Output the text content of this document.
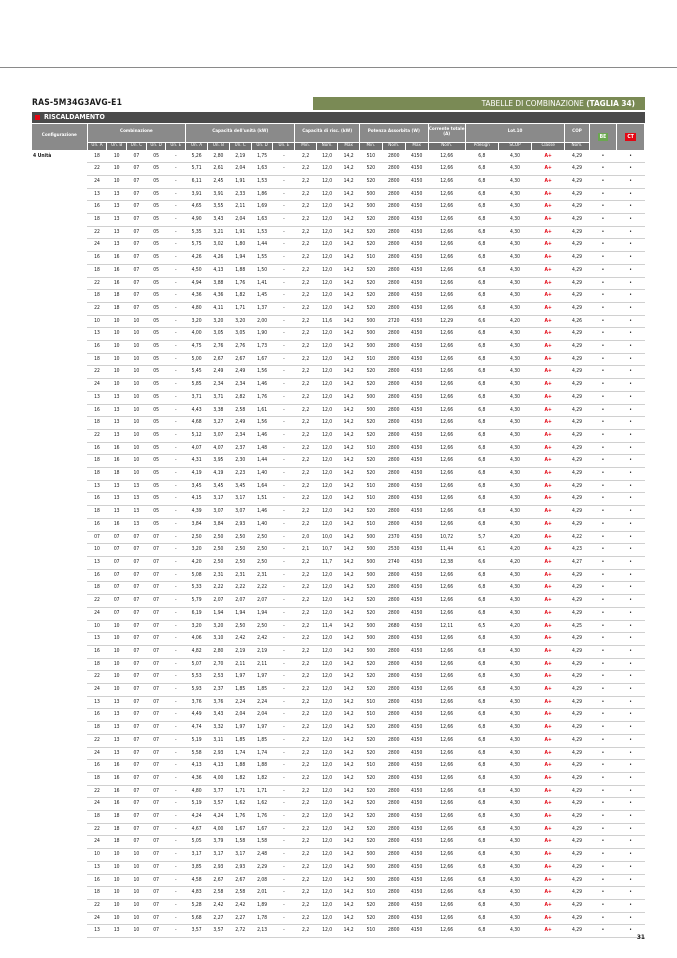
RAS-5M34G3AVG-E1	TABELLE DI COMBINAZIONE (TAGLIA 34)
RISCALDAMENTO
Configurazione	Combinazione					Capacità dell'unità (kW)					Capacità di risc. (kW)			Potenza Assorbita (W)			Corrente totale (A)	Lot.10			COP	BE	CT
	Un. A	Un. B	Un. C	Un. D	Un. E	Un. A	Un. B	Un. C	Un. D	Un. E	Min.	Nom.	Max	Min.	Nom.	Max	Nom.	Pdesign	SCOP	Classe	Nom.		
4 Unità	18	10	07	05	-	5,26	2,80	2,19	1,75	-	2,2	12,0	14,2	510	2800	4150	12,66	6,8	4,30	A+	4,29	•	•
	22	10	07	05	-	5,71	2,61	2,04	1,63	-	2,2	12,0	14,2	520	2800	4150	12,66	6,8	4,30	A+	4,29	•	•
	24	10	07	05	-	6,11	2,45	1,91	1,53	-	2,2	12,0	14,2	520	2800	4150	12,66	6,8	4,30	A+	4,29	•	•
	13	13	07	05	-	3,91	3,91	2,33	1,86	-	2,2	12,0	14,2	500	2800	4150	12,66	6,8	4,30	A+	4,29	•	•
	16	13	07	05	-	4,65	3,55	2,11	1,69	-	2,2	12,0	14,2	500	2800	4150	12,66	6,8	4,30	A+	4,29	•	•
	18	13	07	05	-	4,90	3,43	2,04	1,63	-	2,2	12,0	14,2	520	2800	4150	12,66	6,8	4,30	A+	4,29	•	•
	22	13	07	05	-	5,35	3,21	1,91	1,53	-	2,2	12,0	14,2	520	2800	4150	12,66	6,8	4,30	A+	4,29	•	•
	24	13	07	05	-	5,75	3,02	1,80	1,44	-	2,2	12,0	14,2	520	2800	4150	12,66	6,8	4,30	A+	4,29	•	•
	16	16	07	05	-	4,26	4,26	1,94	1,55	-	2,2	12,0	14,2	510	2800	4150	12,66	6,8	4,30	A+	4,29	•	•
	18	16	07	05	-	4,50	4,13	1,88	1,50	-	2,2	12,0	14,2	520	2800	4150	12,66	6,8	4,30	A+	4,29	•	•
	22	16	07	05	-	4,94	3,88	1,76	1,41	-	2,2	12,0	14,2	520	2800	4150	12,66	6,8	4,30	A+	4,29	•	•
	18	18	07	05	-	4,36	4,36	1,82	1,45	-	2,2	12,0	14,2	520	2800	4150	12,66	6,8	4,30	A+	4,29	•	•
	22	18	07	05	-	4,80	4,11	1,71	1,37	-	2,2	12,0	14,2	520	2800	4150	12,66	6,8	4,30	A+	4,29	•	•
	10	10	10	05	-	3,20	3,20	3,20	2,00	-	2,2	11,6	14,2	500	2720	4150	12,29	6,6	4,20	A+	4,26	•	•
	13	10	10	05	-	4,00	3,05	3,05	1,90	-	2,2	12,0	14,2	500	2800	4150	12,66	6,8	4,30	A+	4,29	•	•
	16	10	10	05	-	4,75	2,76	2,76	1,73	-	2,2	12,0	14,2	500	2800	4150	12,66	6,8	4,30	A+	4,29	•	•
	18	10	10	05	-	5,00	2,67	2,67	1,67	-	2,2	12,0	14,2	510	2800	4150	12,66	6,8	4,30	A+	4,29	•	•
	22	10	10	05	-	5,45	2,49	2,49	1,56	-	2,2	12,0	14,2	520	2800	4150	12,66	6,8	4,30	A+	4,29	•	•
	24	10	10	05	-	5,85	2,34	2,34	1,46	-	2,2	12,0	14,2	520	2800	4150	12,66	6,8	4,30	A+	4,29	•	•
	13	13	10	05	-	3,71	3,71	2,82	1,76	-	2,2	12,0	14,2	500	2800	4150	12,66	6,8	4,30	A+	4,29	•	•
	16	13	10	05	-	4,43	3,38	2,58	1,61	-	2,2	12,0	14,2	500	2800	4150	12,66	6,8	4,30	A+	4,29	•	•
	18	13	10	05	-	4,68	3,27	2,49	1,56	-	2,2	12,0	14,2	520	2800	4150	12,66	6,8	4,30	A+	4,29	•	•
	22	13	10	05	-	5,12	3,07	2,34	1,46	-	2,2	12,0	14,2	520	2800	4150	12,66	6,8	4,30	A+	4,29	•	•
	16	16	10	05	-	4,07	4,07	2,37	1,48	-	2,2	12,0	14,2	510	2800	4150	12,66	6,8	4,30	A+	4,29	•	•
	18	16	10	05	-	4,31	3,95	2,30	1,44	-	2,2	12,0	14,2	520	2800	4150	12,66	6,8	4,30	A+	4,29	•	•
	18	18	10	05	-	4,19	4,19	2,23	1,40	-	2,2	12,0	14,2	520	2800	4150	12,66	6,8	4,30	A+	4,29	•	•
	13	13	13	05	-	3,45	3,45	3,45	1,64	-	2,2	12,0	14,2	510	2800	4150	12,66	6,8	4,30	A+	4,29	•	•
	16	13	13	05	-	4,15	3,17	3,17	1,51	-	2,2	12,0	14,2	510	2800	4150	12,66	6,8	4,30	A+	4,29	•	•
	18	13	13	05	-	4,39	3,07	3,07	1,46	-	2,2	12,0	14,2	520	2800	4150	12,66	6,8	4,30	A+	4,29	•	•
	16	16	13	05	-	3,84	3,84	2,93	1,40	-	2,2	12,0	14,2	510	2800	4150	12,66	6,8	4,30	A+	4,29	•	•
	07	07	07	07	-	2,50	2,50	2,50	2,50	-	2,0	10,0	14,2	500	2370	4150	10,72	5,7	4,20	A+	4,22	•	•
	10	07	07	07	-	3,20	2,50	2,50	2,50	-	2,1	10,7	14,2	500	2530	4150	11,44	6,1	4,20	A+	4,23	•	•
	13	07	07	07	-	4,20	2,50	2,50	2,50	-	2,2	11,7	14,2	500	2740	4150	12,38	6,6	4,20	A+	4,27	•	•
	16	07	07	07	-	5,08	2,31	2,31	2,31	-	2,2	12,0	14,2	500	2800	4150	12,66	6,8	4,30	A+	4,29	•	•
	18	07	07	07	-	5,33	2,22	2,22	2,22	-	2,2	12,0	14,2	520	2800	4150	12,66	6,8	4,30	A+	4,29	•	•
	22	07	07	07	-	5,79	2,07	2,07	2,07	-	2,2	12,0	14,2	520	2800	4150	12,66	6,8	4,30	A+	4,29	•	•
	24	07	07	07	-	6,19	1,94	1,94	1,94	-	2,2	12,0	14,2	520	2800	4150	12,66	6,8	4,30	A+	4,29	•	•
	10	10	07	07	-	3,20	3,20	2,50	2,50	-	2,2	11,4	14,2	500	2680	4150	12,11	6,5	4,20	A+	4,25	•	•
	13	10	07	07	-	4,06	3,10	2,42	2,42	-	2,2	12,0	14,2	500	2800	4150	12,66	6,8	4,30	A+	4,29	•	•
	16	10	07	07	-	4,82	2,80	2,19	2,19	-	2,2	12,0	14,2	500	2800	4150	12,66	6,8	4,30	A+	4,29	•	•
	18	10	07	07	-	5,07	2,70	2,11	2,11	-	2,2	12,0	14,2	520	2800	4150	12,66	6,8	4,30	A+	4,29	•	•
	22	10	07	07	-	5,53	2,53	1,97	1,97	-	2,2	12,0	14,2	520	2800	4150	12,66	6,8	4,30	A+	4,29	•	•
	24	10	07	07	-	5,93	2,37	1,85	1,85	-	2,2	12,0	14,2	520	2800	4150	12,66	6,8	4,30	A+	4,29	•	•
	13	13	07	07	-	3,76	3,76	2,24	2,24	-	2,2	12,0	14,2	510	2800	4150	12,66	6,8	4,30	A+	4,29	•	•
	16	13	07	07	-	4,49	3,43	2,04	2,04	-	2,2	12,0	14,2	510	2800	4150	12,66	6,8	4,30	A+	4,29	•	•
	18	13	07	07	-	4,74	3,32	1,97	1,97	-	2,2	12,0	14,2	520	2800	4150	12,66	6,8	4,30	A+	4,29	•	•
	22	13	07	07	-	5,19	3,11	1,85	1,85	-	2,2	12,0	14,2	520	2800	4150	12,66	6,8	4,30	A+	4,29	•	•
	24	13	07	07	-	5,58	2,93	1,74	1,74	-	2,2	12,0	14,2	520	2800	4150	12,66	6,8	4,30	A+	4,29	•	•
	16	16	07	07	-	4,13	4,13	1,88	1,88	-	2,2	12,0	14,2	510	2800	4150	12,66	6,8	4,30	A+	4,29	•	•
	18	16	07	07	-	4,36	4,00	1,82	1,82	-	2,2	12,0	14,2	520	2800	4150	12,66	6,8	4,30	A+	4,29	•	•
	22	16	07	07	-	4,80	3,77	1,71	1,71	-	2,2	12,0	14,2	520	2800	4150	12,66	6,8	4,30	A+	4,29	•	•
	24	16	07	07	-	5,19	3,57	1,62	1,62	-	2,2	12,0	14,2	520	2800	4150	12,66	6,8	4,30	A+	4,29	•	•
	18	18	07	07	-	4,24	4,24	1,76	1,76	-	2,2	12,0	14,2	520	2800	4150	12,66	6,8	4,30	A+	4,29	•	•
	22	18	07	07	-	4,67	4,00	1,67	1,67	-	2,2	12,0	14,2	520	2800	4150	12,66	6,8	4,30	A+	4,29	•	•
	24	18	07	07	-	5,05	3,79	1,58	1,58	-	2,2	12,0	14,2	520	2800	4150	12,66	6,8	4,30	A+	4,29	•	•
	10	10	10	07	-	3,17	3,17	3,17	2,48	-	2,2	12,0	14,2	500	2800	4150	12,66	6,8	4,30	A+	4,29	•	•
	13	10	10	07	-	3,85	2,93	2,93	2,29	-	2,2	12,0	14,2	500	2800	4150	12,66	6,8	4,30	A+	4,29	•	•
	16	10	10	07	-	4,58	2,67	2,67	2,08	-	2,2	12,0	14,2	500	2800	4150	12,66	6,8	4,30	A+	4,29	•	•
	18	10	10	07	-	4,83	2,58	2,58	2,01	-	2,2	12,0	14,2	510	2800	4150	12,66	6,8	4,30	A+	4,29	•	•
	22	10	10	07	-	5,28	2,42	2,42	1,89	-	2,2	12,0	14,2	520	2800	4150	12,66	6,8	4,30	A+	4,29	•	•
	24	10	10	07	-	5,68	2,27	2,27	1,78	-	2,2	12,0	14,2	520	2800	4150	12,66	6,8	4,30	A+	4,29	•	•
	13	13	10	07	-	3,57	3,57	2,72	2,13	-	2,2	12,0	14,2	510	2800	4150	12,66	6,8	4,30	A+	4,29	•	•
31
